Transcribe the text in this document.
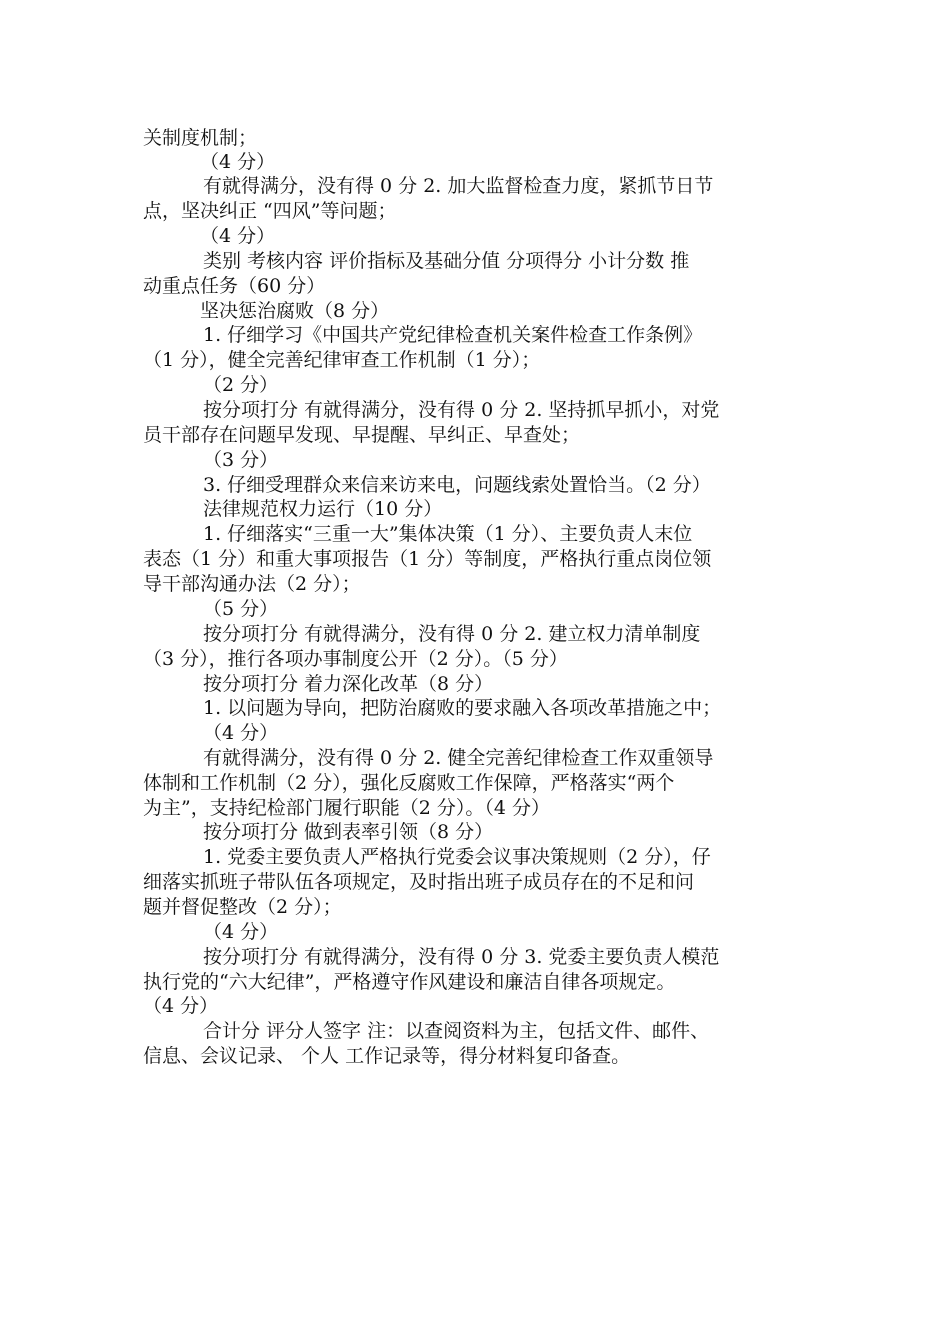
关制度机制；
（4 分）
有就得满分，没有得 0 分 2. 加大监督检查力度，紧抓节日节
点，坚决纠正 “四风”等问题；
（4 分）
类别 考核内容 评价指标及基础分值 分项得分 小计分数 推
动重点任务（60 分）
坚决惩治腐败（8 分）
1. 仔细学习《中国共产党纪律检查机关案件检查工作条例》
（1 分），健全完善纪律审查工作机制（1 分）；
（2 分）
按分项打分 有就得满分，没有得 0 分 2. 坚持抓早抓小，对党
员干部存在问题早发现、早提醒、早纠正、早查处；
（3 分）
3. 仔细受理群众来信来访来电，问题线索处置恰当。（2 分）
法律规范权力运行（10 分）
1. 仔细落实“三重一大”集体决策（1 分）、主要负责人末位
表态（1 分）和重大事项报告（1 分）等制度，严格执行重点岗位领
导干部沟通办法（2 分）；
（5 分）
按分项打分 有就得满分，没有得 0 分 2. 建立权力清单制度
（3 分），推行各项办事制度公开（2 分）。（5 分）
按分项打分 着力深化改革（8 分）
1. 以问题为导向，把防治腐败的要求融入各项改革措施之中；
（4 分）
有就得满分，没有得 0 分 2. 健全完善纪律检查工作双重领导
体制和工作机制（2 分），强化反腐败工作保障，严格落实“两个
为主”，支持纪检部门履行职能（2 分）。（4 分）
按分项打分 做到表率引领（8 分）
1. 党委主要负责人严格执行党委会议事决策规则（2 分），仔
细落实抓班子带队伍各项规定，及时指出班子成员存在的不足和问
题并督促整改（2 分）；
（4 分）
按分项打分 有就得满分，没有得 0 分 3. 党委主要负责人模范
执行党的“六大纪律”，严格遵守作风建设和廉洁自律各项规定。
（4 分）
合计分 评分人签字 注：以查阅资料为主，包括文件、邮件、
信息、会议记录、 个人 工作记录等，得分材料复印备查。
